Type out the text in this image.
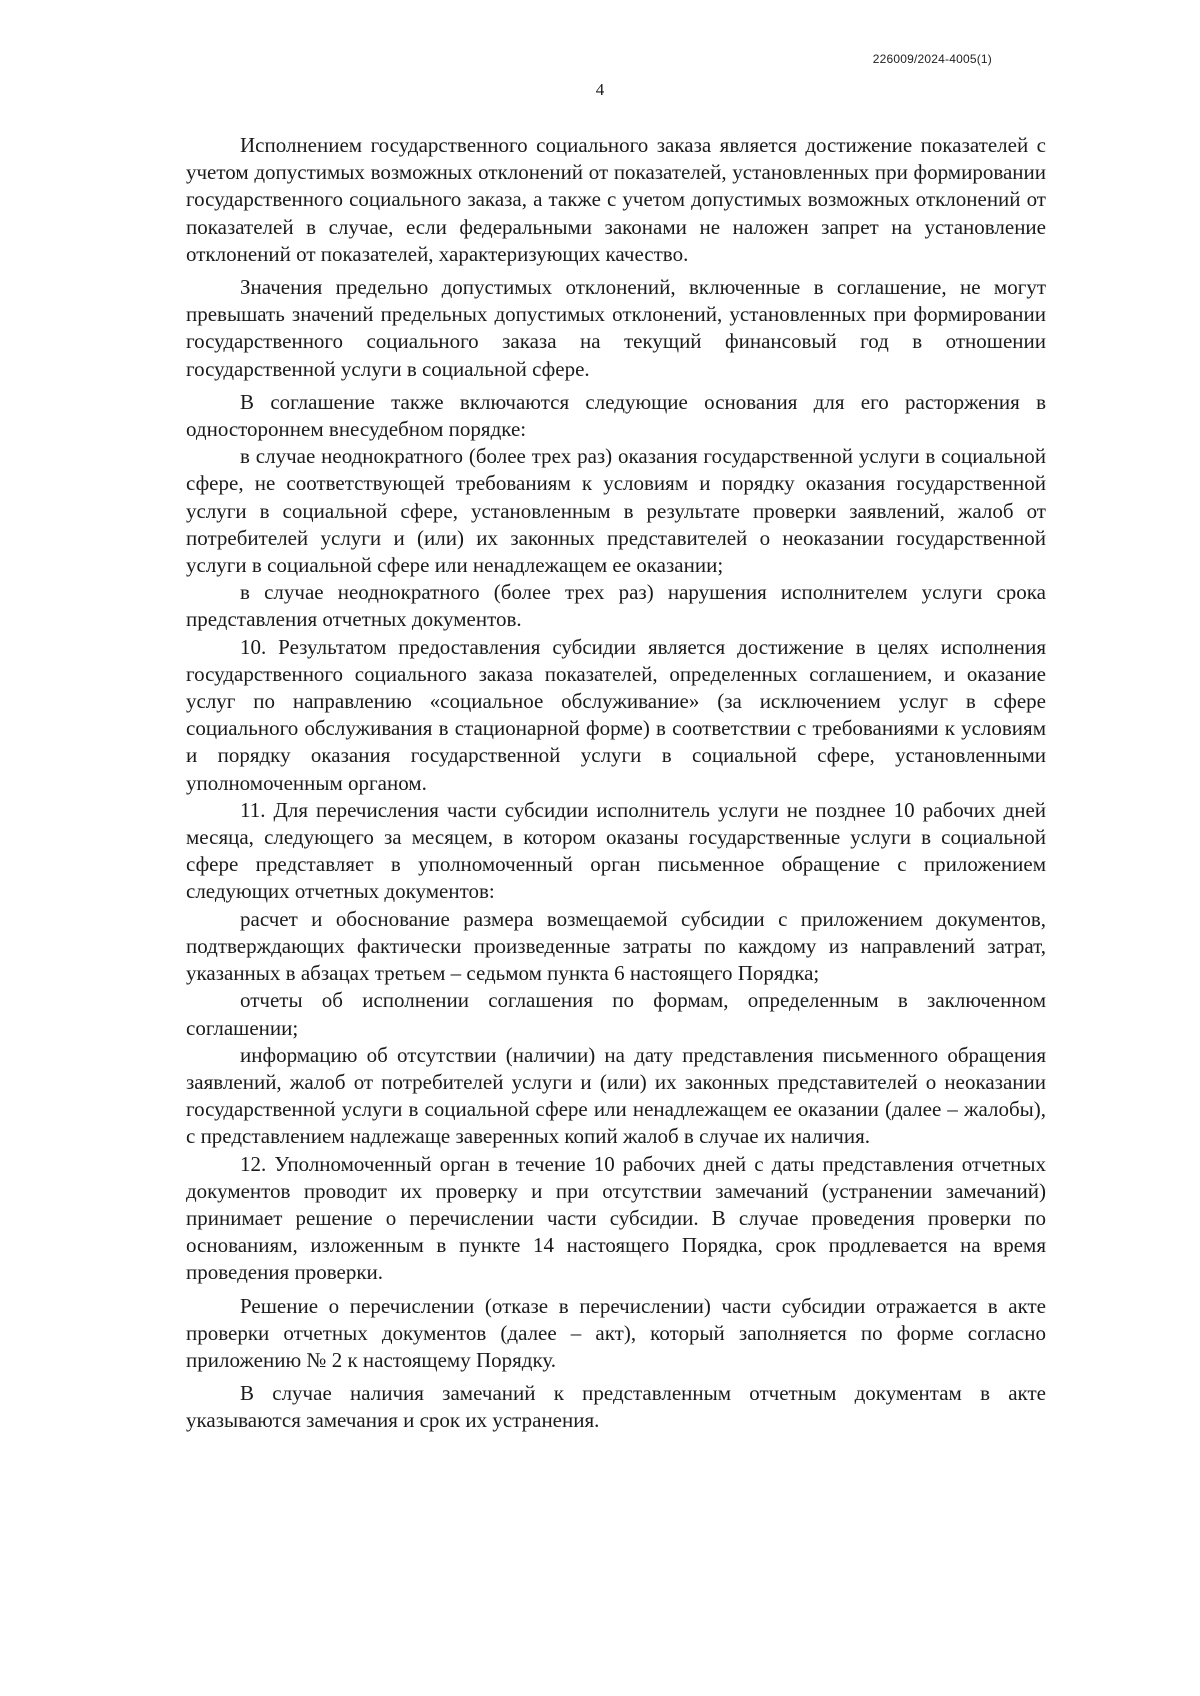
226009/2024-4005(1)
4

Исполнением государственного социального заказа является достижение показателей с учетом допустимых возможных отклонений от показателей, установленных при формировании государственного социального заказа, а также с учетом допустимых возможных отклонений от показателей в случае, если федеральными законами не наложен запрет на установление отклонений от показателей, характеризующих качество.

Значения предельно допустимых отклонений, включенные в соглашение, не могут превышать значений предельных допустимых отклонений, установленных при формировании государственного социального заказа на текущий финансовый год в отношении государственной услуги в социальной сфере.

В соглашение также включаются следующие основания для его расторжения в одностороннем внесудебном порядке:

в случае неоднократного (более трех раз) оказания государственной услуги в социальной сфере, не соответствующей требованиям к условиям и порядку оказания государственной услуги в социальной сфере, установленным в результате проверки заявлений, жалоб от потребителей услуги и (или) их законных представителей о неоказании государственной услуги в социальной сфере или ненадлежащем ее оказании;

в случае неоднократного (более трех раз) нарушения исполнителем услуги срока представления отчетных документов.

10. Результатом предоставления субсидии является достижение в целях исполнения государственного социального заказа показателей, определенных соглашением, и оказание услуг по направлению «социальное обслуживание» (за исключением услуг в сфере социального обслуживания в стационарной форме) в соответствии с требованиями к условиям и порядку оказания государственной услуги в социальной сфере, установленными уполномоченным органом.

11. Для перечисления части субсидии исполнитель услуги не позднее 10 рабочих дней месяца, следующего за месяцем, в котором оказаны государственные услуги в социальной сфере представляет в уполномоченный орган письменное обращение с приложением следующих отчетных документов:

расчет и обоснование размера возмещаемой субсидии с приложением документов, подтверждающих фактически произведенные затраты по каждому из направлений затрат, указанных в абзацах третьем – седьмом пункта 6 настоящего Порядка;

отчеты об исполнении соглашения по формам, определенным в заключенном соглашении;

информацию об отсутствии (наличии) на дату представления письменного обращения заявлений, жалоб от потребителей услуги и (или) их законных представителей о неоказании государственной услуги в социальной сфере или ненадлежащем ее оказании (далее – жалобы), с представлением надлежаще заверенных копий жалоб в случае их наличия.

12. Уполномоченный орган в течение 10 рабочих дней с даты представления отчетных документов проводит их проверку и при отсутствии замечаний (устранении замечаний) принимает решение о перечислении части субсидии. В случае проведения проверки по основаниям, изложенным в пункте 14 настоящего Порядка, срок продлевается на время проведения проверки.

Решение о перечислении (отказе в перечислении) части субсидии отражается в акте проверки отчетных документов (далее – акт), который заполняется по форме согласно приложению № 2 к настоящему Порядку.

В случае наличия замечаний к представленным отчетным документам в акте указываются замечания и срок их устранения.
